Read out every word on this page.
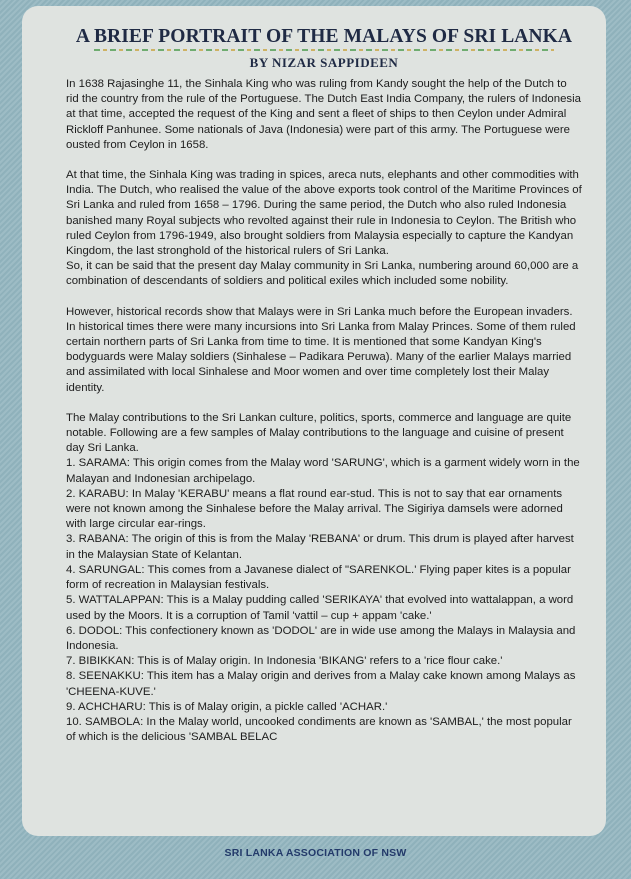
A BRIEF PORTRAIT OF THE MALAYS OF SRI LANKA
BY NIZAR SAPPIDEEN

In 1638 Rajasinghe 11, the Sinhala King who was ruling from Kandy sought the help of the Dutch to rid the country from the rule of the Portuguese. The Dutch East India Company, the rulers of Indonesia at that time, accepted the request of the King and sent a fleet of ships to then Ceylon under Admiral Rickloff Panhunee. Some nationals of Java (Indonesia) were part of this army. The Portuguese were ousted from Ceylon in 1658.

At that time, the Sinhala King was trading in spices, areca nuts, elephants and other commodities with India. The Dutch, who realised the value of the above exports took control of the Maritime Provinces of Sri Lanka and ruled from 1658 – 1796. During the same period, the Dutch who also ruled Indonesia banished many Royal subjects who revolted against their rule in Indonesia to Ceylon. The British who ruled Ceylon from 1796-1949, also brought soldiers from Malaysia especially to capture the Kandyan Kingdom, the last stronghold of the historical rulers of Sri Lanka.

So, it can be said that the present day Malay community in Sri Lanka, numbering around 60,000 are a combination of descendants of soldiers and political exiles which included some nobility.

However, historical records show that Malays were in Sri Lanka much before the European invaders. In historical times there were many incursions into Sri Lanka from Malay Princes. Some of them ruled certain northern parts of Sri Lanka from time to time. It is mentioned that some Kandyan King's bodyguards were Malay soldiers (Sinhalese – Padikara Peruwa). Many of the earlier Malays married and assimilated with local Sinhalese and Moor women and over time completely lost their Malay identity.

The Malay contributions to the Sri Lankan culture, politics, sports, commerce and language are quite notable. Following are a few samples of Malay contributions to the language and cuisine of present day Sri Lanka.

1. SARAMA: This origin comes from the Malay word 'SARUNG', which is a garment widely worn in the Malayan and Indonesian archipelago.

2. KARABU: In Malay 'KERABU' means a flat round ear-stud. This is not to say that ear ornaments were not known among the Sinhalese before the Malay arrival. The Sigiriya damsels were adorned with large circular ear-rings.

3. RABANA: The origin of this is from the Malay 'REBANA' or drum. This drum is played after harvest in the Malaysian State of Kelantan.

4. SARUNGAL: This comes from a Javanese dialect of "SARENKOL.' Flying paper kites is a popular form of recreation in Malaysian festivals.

5. WATTALAPPAN: This is a Malay pudding called 'SERIKAYA' that evolved into wattalappan, a word used by the Moors. It is a corruption of Tamil 'vattil – cup + appam 'cake.'

6. DODOL: This confectionery known as 'DODOL' are in wide use among the Malays in Malaysia and Indonesia.

7. BIBIKKAN: This is of Malay origin. In Indonesia 'BIKANG' refers to a 'rice flour cake.'

8. SEENAKKU: This item has a Malay origin and derives from a Malay cake known among Malays as 'CHEENA-KUVE.'

9. ACHCHARU: This is of Malay origin, a pickle called 'ACHAR.'

10. SAMBOLA: In the Malay world, uncooked condiments are known as 'SAMBAL,' the most popular of which is the delicious 'SAMBAL BELAC

SRI LANKA ASSOCIATION OF NSW
